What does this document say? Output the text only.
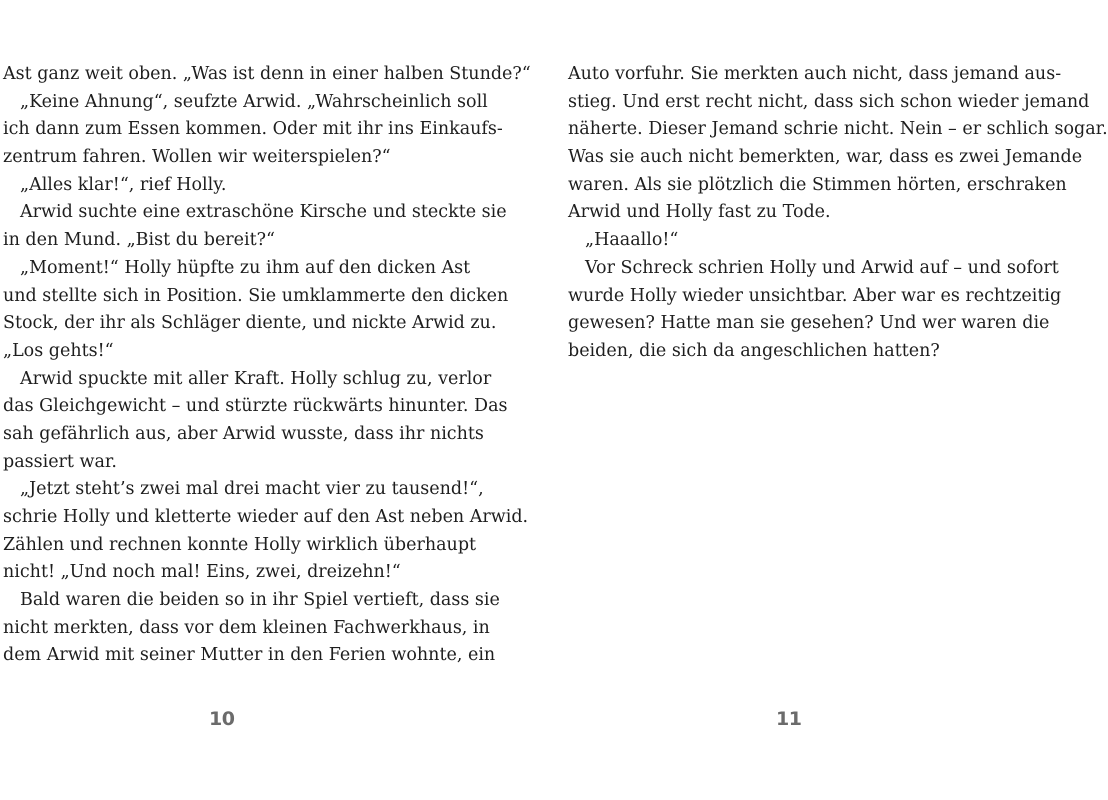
Ast ganz weit oben. „Was ist denn in einer halben Stunde?“
„Keine Ahnung“, seufzte Arwid. „Wahrscheinlich soll
ich dann zum Essen kommen. Oder mit ihr ins Einkaufs-
zentrum fahren. Wollen wir weiterspielen?“
„Alles klar!“, rief Holly.
Arwid suchte eine extraschöne Kirsche und steckte sie
in den Mund. „Bist du bereit?“
„Moment!“ Holly hüpfte zu ihm auf den dicken Ast
und stellte sich in Position. Sie umklammerte den dicken
Stock, der ihr als Schläger diente, und nickte Arwid zu.
„Los gehts!“
Arwid spuckte mit aller Kraft. Holly schlug zu, verlor
das Gleichgewicht – und stürzte rückwärts hinunter. Das
sah gefährlich aus, aber Arwid wusste, dass ihr nichts
passiert war.
„Jetzt steht’s zwei mal drei macht vier zu tausend!“,
schrie Holly und kletterte wieder auf den Ast neben Arwid.
Zählen und rechnen konnte Holly wirklich überhaupt
nicht! „Und noch mal! Eins, zwei, dreizehn!“
Bald waren die beiden so in ihr Spiel vertieft, dass sie
nicht merkten, dass vor dem kleinen Fachwerkhaus, in
dem Arwid mit seiner Mutter in den Ferien wohnte, ein
10
Auto vorfuhr. Sie merkten auch nicht, dass jemand aus-
stieg. Und erst recht nicht, dass sich schon wieder jemand
näherte. Dieser Jemand schrie nicht. Nein – er schlich sogar.
Was sie auch nicht bemerkten, war, dass es zwei Jemande
waren. Als sie plötzlich die Stimmen hörten, erschraken
Arwid und Holly fast zu Tode.
„Haaallo!“
Vor Schreck schrien Holly und Arwid auf – und sofort
wurde Holly wieder unsichtbar. Aber war es rechtzeitig
gewesen? Hatte man sie gesehen? Und wer waren die
beiden, die sich da angeschlichen hatten?
11
